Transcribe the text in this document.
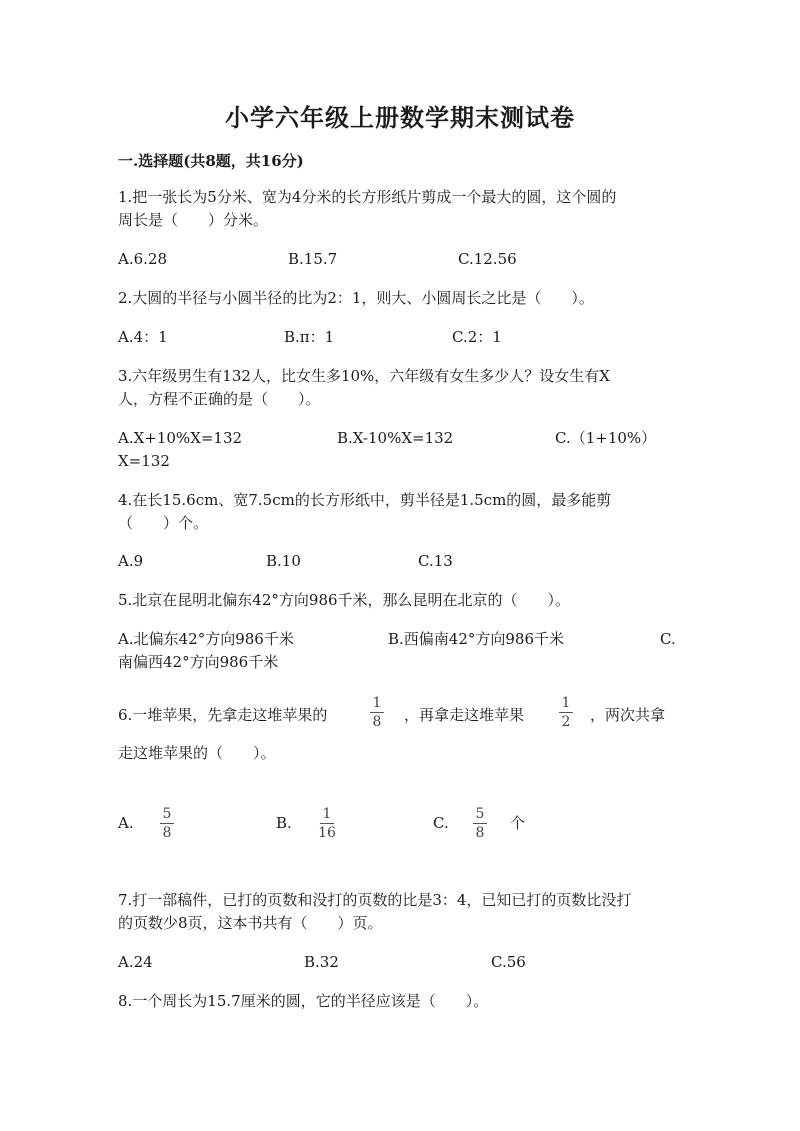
小学六年级上册数学期末测试卷
一.选择题(共8题，共16分)
1.把一张长为5分米、宽为4分米的长方形纸片剪成一个最大的圆，这个圆的
周长是（　　）分米。
A.6.28	B.15.7	C.12.56
2.大圆的半径与小圆半径的比为2：1，则大、小圆周长之比是（　　）。
A.4：1	B.π：1	C.2：1
3.六年级男生有132人，比女生多10%，六年级有女生多少人？设女生有X
人，方程不正确的是（　　）。
A.X+10%X=132	B.X-10%X=132	C.（1+10%）
X=132
4.在长15.6cm、宽7.5cm的长方形纸中，剪半径是1.5cm的圆，最多能剪
（　　）个。
A.9	B.10	C.13
5.北京在昆明北偏东42°方向986千米，那么昆明在北京的（　　）。
A.北偏东42°方向986千米	B.西偏南42°方向986千米	C.
南偏西42°方向986千米
6.一堆苹果，先拿走这堆苹果的
1
8 ，再拿走这堆苹果
1
2 ，两次共拿
走这堆苹果的（　　）。
A. 5
8
B. 1
16
C. 5
8
个
7.打一部稿件，已打的页数和没打的页数的比是3：4，已知已打的页数比没打
的页数少8页，这本书共有（　　）页。
A.24	B.32	C.56
8.一个周长为15.7厘米的圆，它的半径应该是（　　）。
